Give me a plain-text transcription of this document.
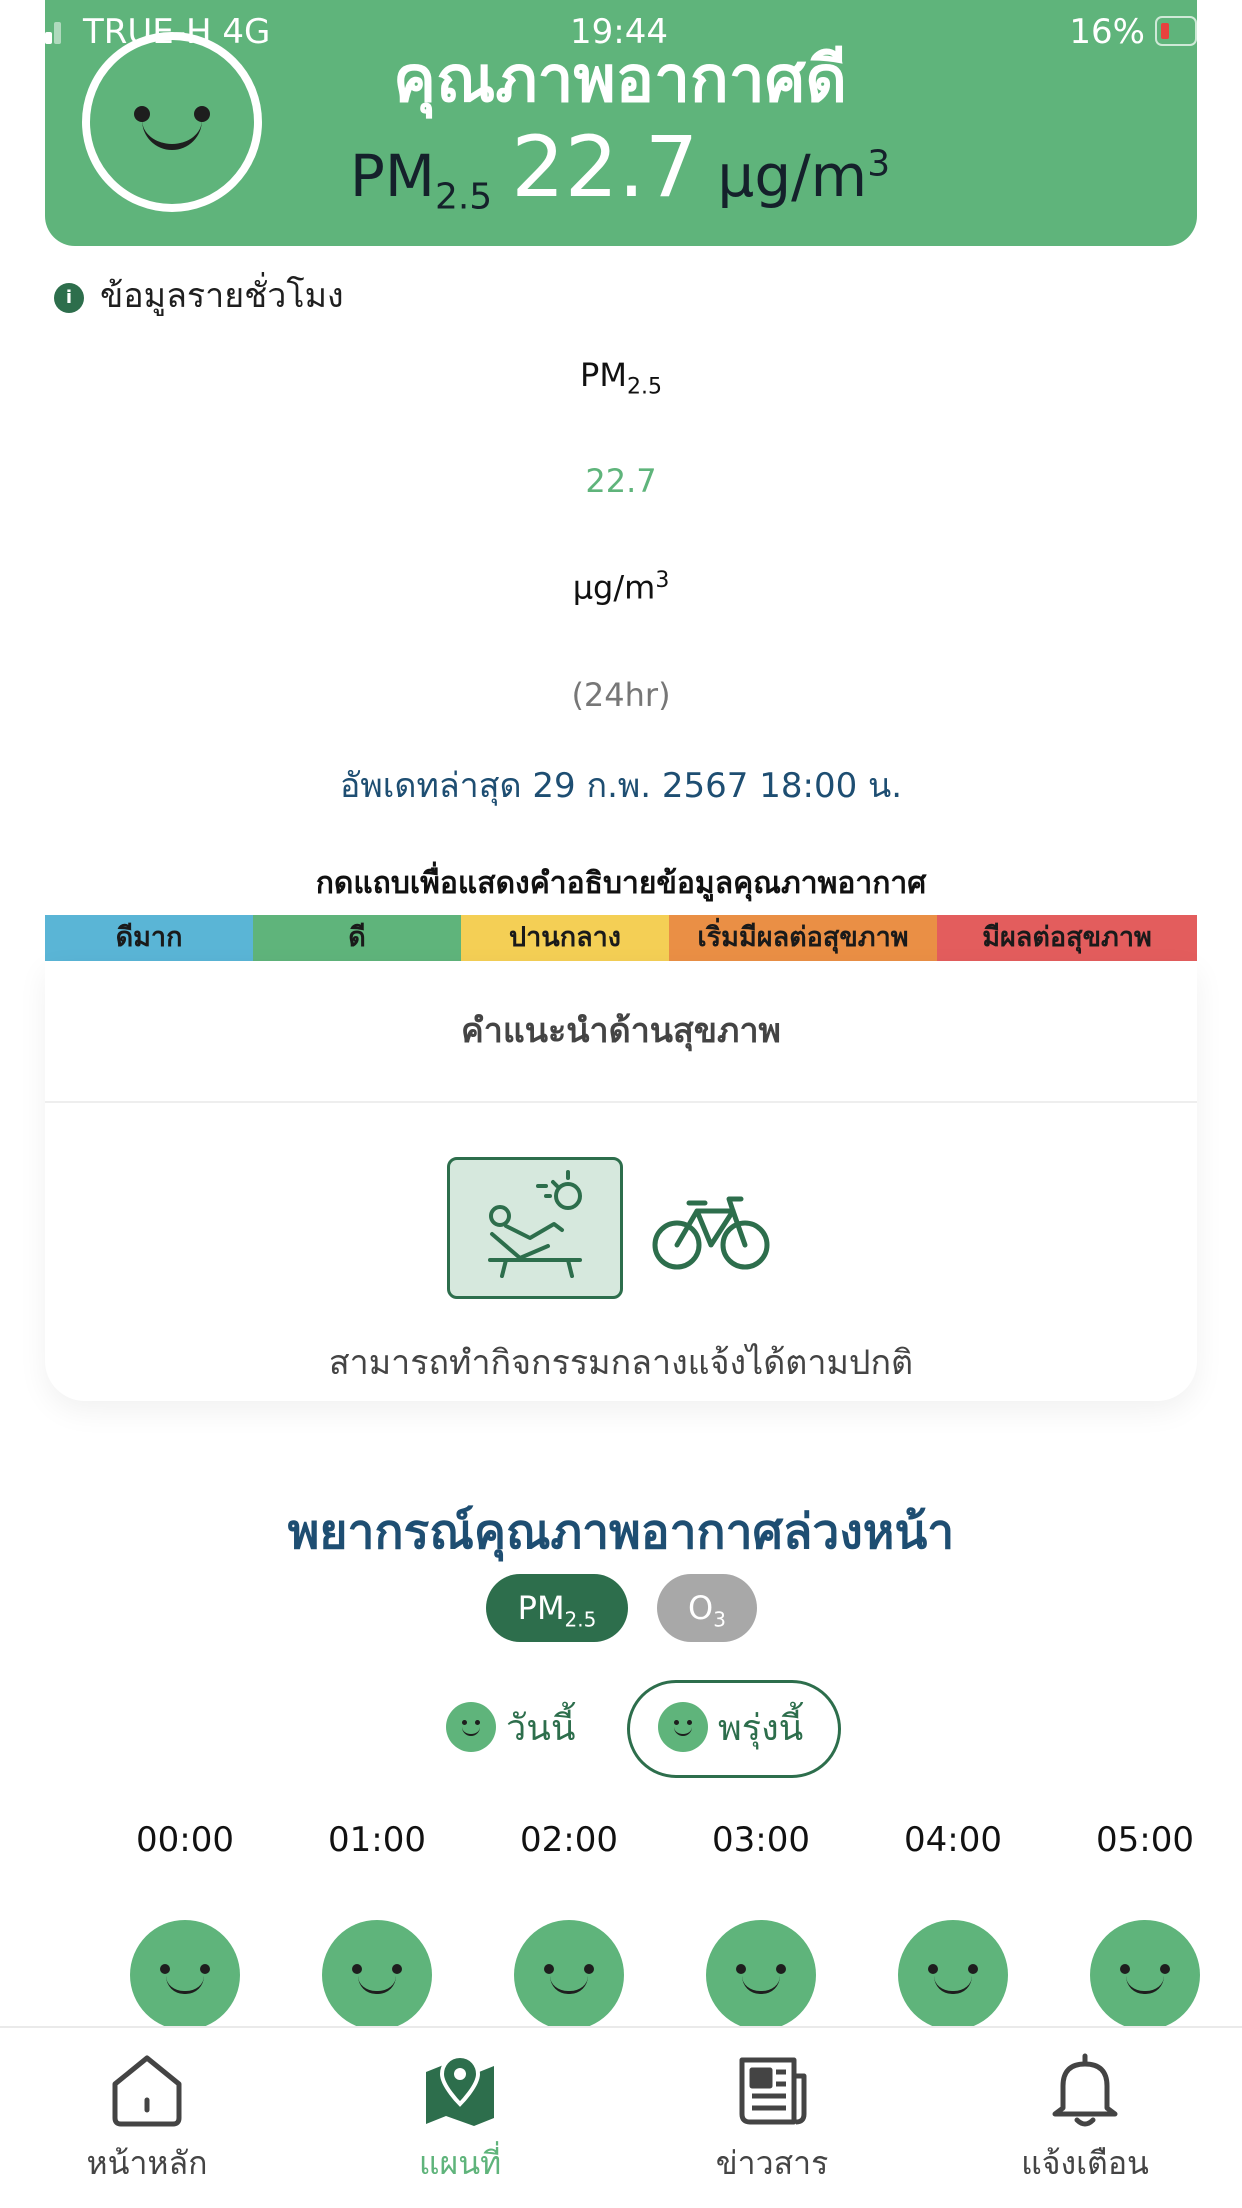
TRUE-H 4G	19:44	16%
คุณภาพอากาศดี
$PM_{2.5}$ 22.7 $\mu g/m^3$
i ข้อมูลรายชั่วโมง
$PM_{2.5}$
22.7
$\mu g/m^3$
(24hr)
อัพเดทล่าสุด 29 ก.พ. 2567 18:00 น.
กดแถบเพื่อแสดงคำอธิบายข้อมูลคุณภาพอากาศ
ดีมาก	ดี	ปานกลาง	เริ่มมีผลต่อสุขภาพ	มีผลต่อสุขภาพ
คำแนะนำด้านสุขภาพ
สามารถทำกิจกรรมกลางแจ้งได้ตามปกติ
พยากรณ์คุณภาพอากาศล่วงหน้า
$PM_{2.5}$	$O_3$
วันนี้	พรุ่งนี้
00:00	01:00	02:00	03:00	04:00	05:00
หน้าหลัก	แผนที่	ข่าวสาร	แจ้งเตือน
